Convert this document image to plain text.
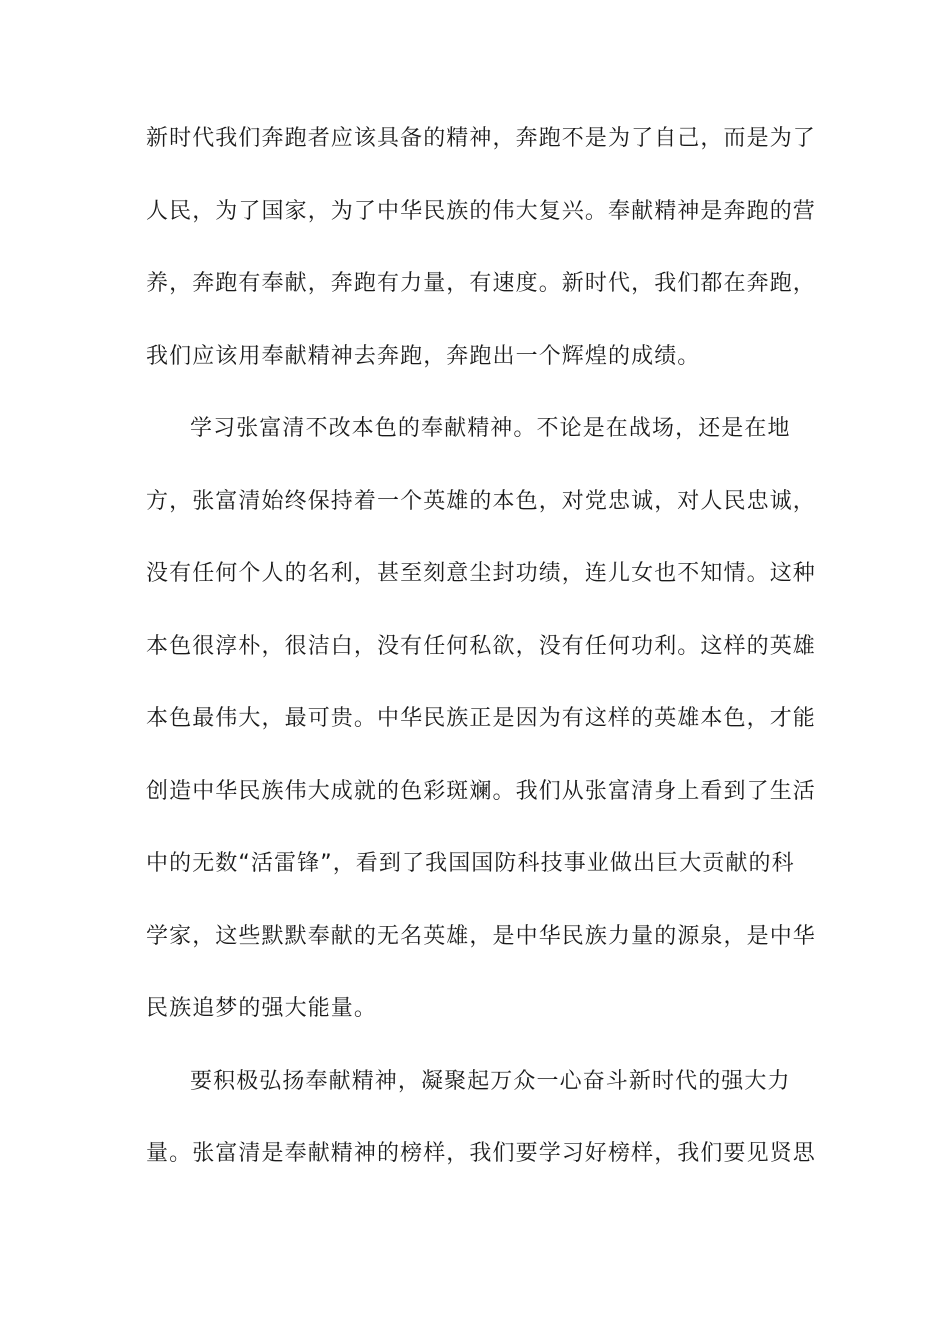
新时代我们奔跑者应该具备的精神，奔跑不是为了自己，而是为了

人民，为了国家，为了中华民族的伟大复兴。奉献精神是奔跑的营

养，奔跑有奉献，奔跑有力量，有速度。新时代，我们都在奔跑，

我们应该用奉献精神去奔跑，奔跑出一个辉煌的成绩。

学习张富清不改本色的奉献精神。不论是在战场，还是在地

方，张富清始终保持着一个英雄的本色，对党忠诚，对人民忠诚，

没有任何个人的名利，甚至刻意尘封功绩，连儿女也不知情。这种

本色很淳朴，很洁白，没有任何私欲，没有任何功利。这样的英雄

本色最伟大，最可贵。中华民族正是因为有这样的英雄本色，才能

创造中华民族伟大成就的色彩斑斓。我们从张富清身上看到了生活

中的无数“活雷锋”，看到了我国国防科技事业做出巨大贡献的科

学家，这些默默奉献的无名英雄，是中华民族力量的源泉，是中华

民族追梦的强大能量。

要积极弘扬奉献精神，凝聚起万众一心奋斗新时代的强大力

量。张富清是奉献精神的榜样，我们要学习好榜样，我们要见贤思
